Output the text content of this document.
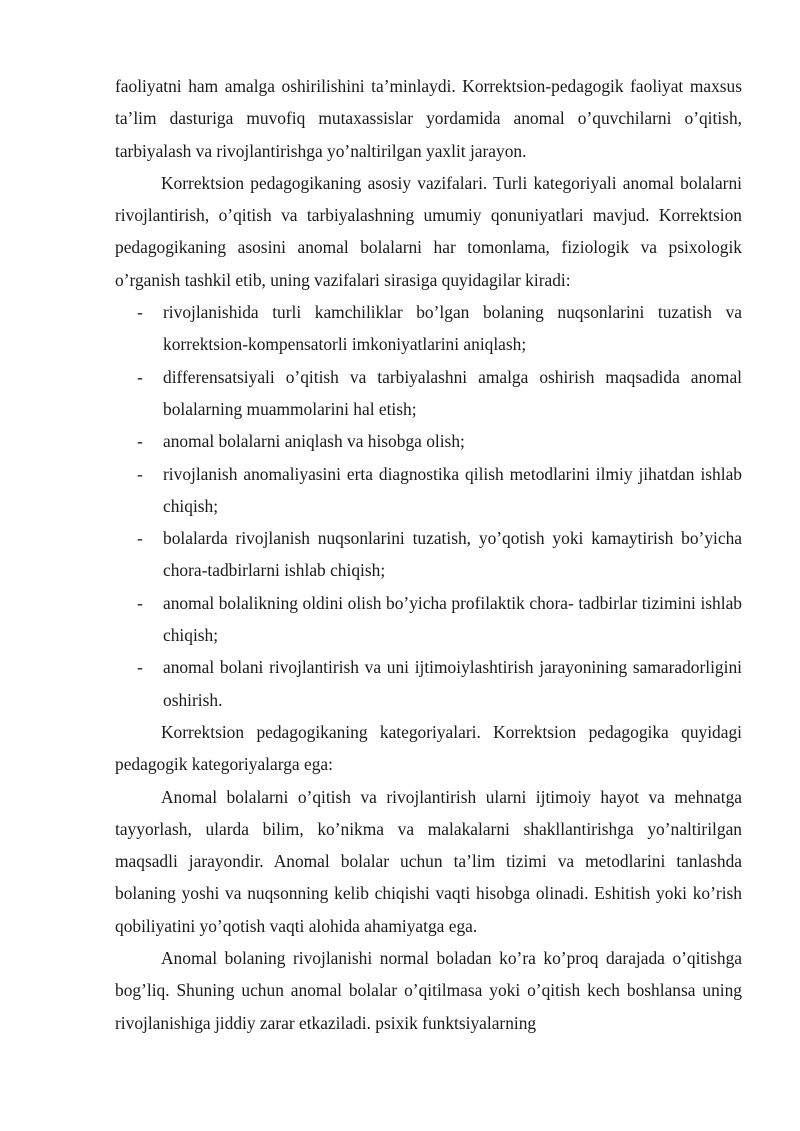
faoliyatni ham amalga oshirilishini ta’minlaydi. Korrektsion-pedagogik faoliyat maxsus ta’lim dasturiga muvofiq mutaxassislar yordamida anomal o’quvchilarni o’qitish, tarbiyalash va rivojlantirishga yo’naltirilgan yaxlit jarayon.

Korrektsion pedagogikaning asosiy vazifalari. Turli kategoriyali anomal bolalarni rivojlantirish, o’qitish va tarbiyalashning umumiy qonuniyatlari mavjud. Korrektsion pedagogikaning asosini anomal bolalarni har tomonlama, fiziologik va psixologik o’rganish tashkil etib, uning vazifalari sirasiga quyidagilar kiradi:

- rivojlanishida turli kamchiliklar bo’lgan bolaning nuqsonlarini tuzatish va korrektsion-kompensatorli imkoniyatlarini aniqlash;
- differensatsiyali o’qitish va tarbiyalashni amalga oshirish maqsadida anomal bolalarning muammolarini hal etish;
- anomal bolalarni aniqlash va hisobga olish;
- rivojlanish anomaliyasini erta diagnostika qilish metodlarini ilmiy jihatdan ishlab chiqish;
- bolalarda rivojlanish nuqsonlarini tuzatish, yo’qotish yoki kamaytirish bo’yicha chora-tadbirlarni ishlab chiqish;
- anomal bolalikning oldini olish bo’yicha profilaktik chora- tadbirlar tizimini ishlab chiqish;
- anomal bolani rivojlantirish va uni ijtimoiylashtirish jarayonining samaradorligini oshirish.

Korrektsion pedagogikaning kategoriyalari. Korrektsion pedagogika quyidagi pedagogik kategoriyalarga ega:

Anomal bolalarni o’qitish va rivojlantirish ularni ijtimoiy hayot va mehnatga tayyorlash, ularda bilim, ko’nikma va malakalarni shakllantirishga yo’naltirilgan maqsadli jarayondir. Anomal bolalar uchun ta’lim tizimi va metodlarini tanlashda bolaning yoshi va nuqsonning kelib chiqishi vaqti hisobga olinadi. Eshitish yoki ko’rish qobiliyatini yo’qotish vaqti alohida ahamiyatga ega.

Anomal bolaning rivojlanishi normal boladan ko’ra ko’proq darajada o’qitishga bog’liq. Shuning uchun anomal bolalar o’qitilmasa yoki o’qitish kech boshlansa uning rivojlanishiga jiddiy zarar etkaziladi. psixik funktsiyalarning
